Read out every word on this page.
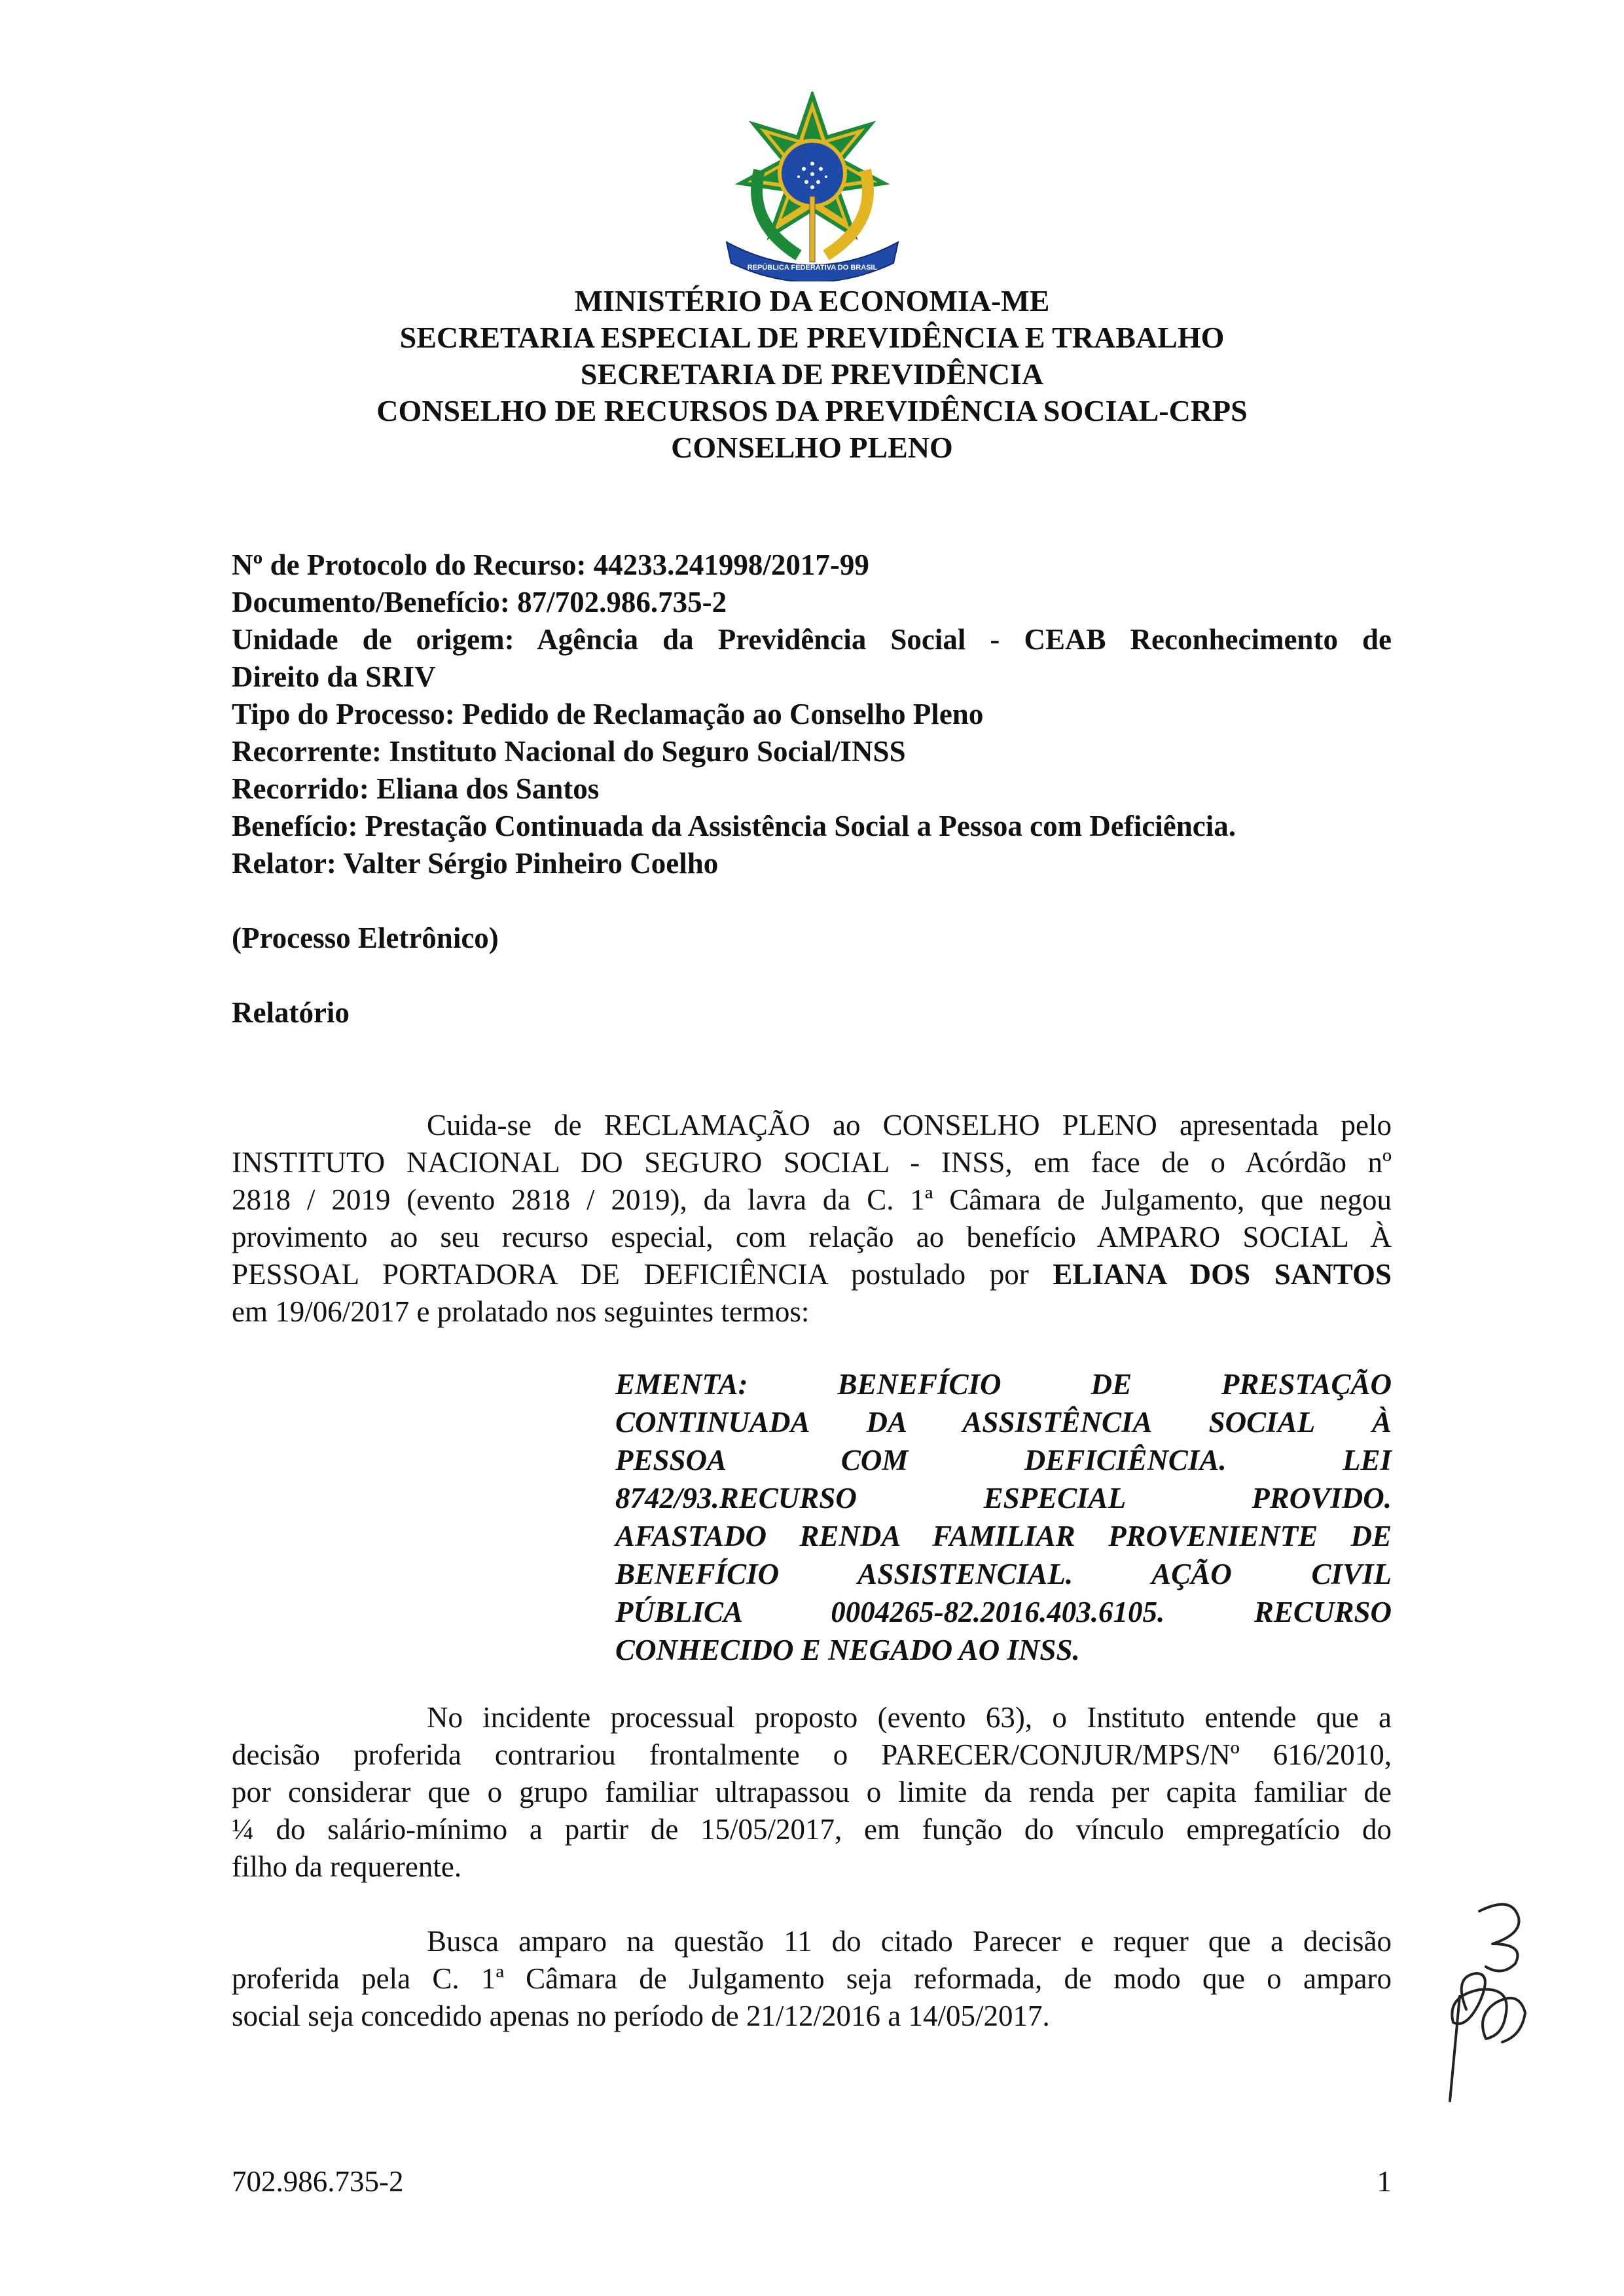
REPÚBLICA FEDERATIVA DO BRASIL
15 DE NOVEMBRO DE 1889
MINISTÉRIO DA ECONOMIA-ME
SECRETARIA ESPECIAL DE PREVIDÊNCIA E TRABALHO
SECRETARIA DE PREVIDÊNCIA
CONSELHO DE RECURSOS DA PREVIDÊNCIA SOCIAL-CRPS
CONSELHO PLENO
Nº de Protocolo do Recurso: 44233.241998/2017-99
Documento/Benefício: 87/702.986.735-2
Unidade de origem: Agência da Previdência Social - CEAB Reconhecimento de
Direito da SRIV
Tipo do Processo: Pedido de Reclamação ao Conselho Pleno
Recorrente: Instituto Nacional do Seguro Social/INSS
Recorrido: Eliana dos Santos
Benefício: Prestação Continuada da Assistência Social a Pessoa com Deficiência.
Relator: Valter Sérgio Pinheiro Coelho
(Processo Eletrônico)
Relatório
Cuida-se de RECLAMAÇÃO ao CONSELHO PLENO apresentada pelo
INSTITUTO NACIONAL DO SEGURO SOCIAL - INSS, em face de o Acórdão nº
2818 / 2019 (evento 2818 / 2019), da lavra da C. 1ª Câmara de Julgamento, que negou
provimento ao seu recurso especial, com relação ao benefício AMPARO SOCIAL À
PESSOAL PORTADORA DE DEFICIÊNCIA postulado por ELIANA DOS SANTOS
em 19/06/2017 e prolatado nos seguintes termos:
EMENTA: BENEFÍCIO DE PRESTAÇÃO
CONTINUADA DA ASSISTÊNCIA SOCIAL À
PESSOA COM DEFICIÊNCIA. LEI
8742/93.RECURSO ESPECIAL PROVIDO.
AFASTADO RENDA FAMILIAR PROVENIENTE DE
BENEFÍCIO ASSISTENCIAL. AÇÃO CIVIL
PÚBLICA 0004265-82.2016.403.6105. RECURSO
CONHECIDO E NEGADO AO INSS.
No incidente processual proposto (evento 63), o Instituto entende que a
decisão proferida contrariou frontalmente o PARECER/CONJUR/MPS/Nº 616/2010,
por considerar que o grupo familiar ultrapassou o limite da renda per capita familiar de
¼ do salário-mínimo a partir de 15/05/2017, em função do vínculo empregatício do
filho da requerente.
Busca amparo na questão 11 do citado Parecer e requer que a decisão
proferida pela C. 1ª Câmara de Julgamento seja reformada, de modo que o amparo
social seja concedido apenas no período de 21/12/2016 a 14/05/2017.
702.986.735-2	1
